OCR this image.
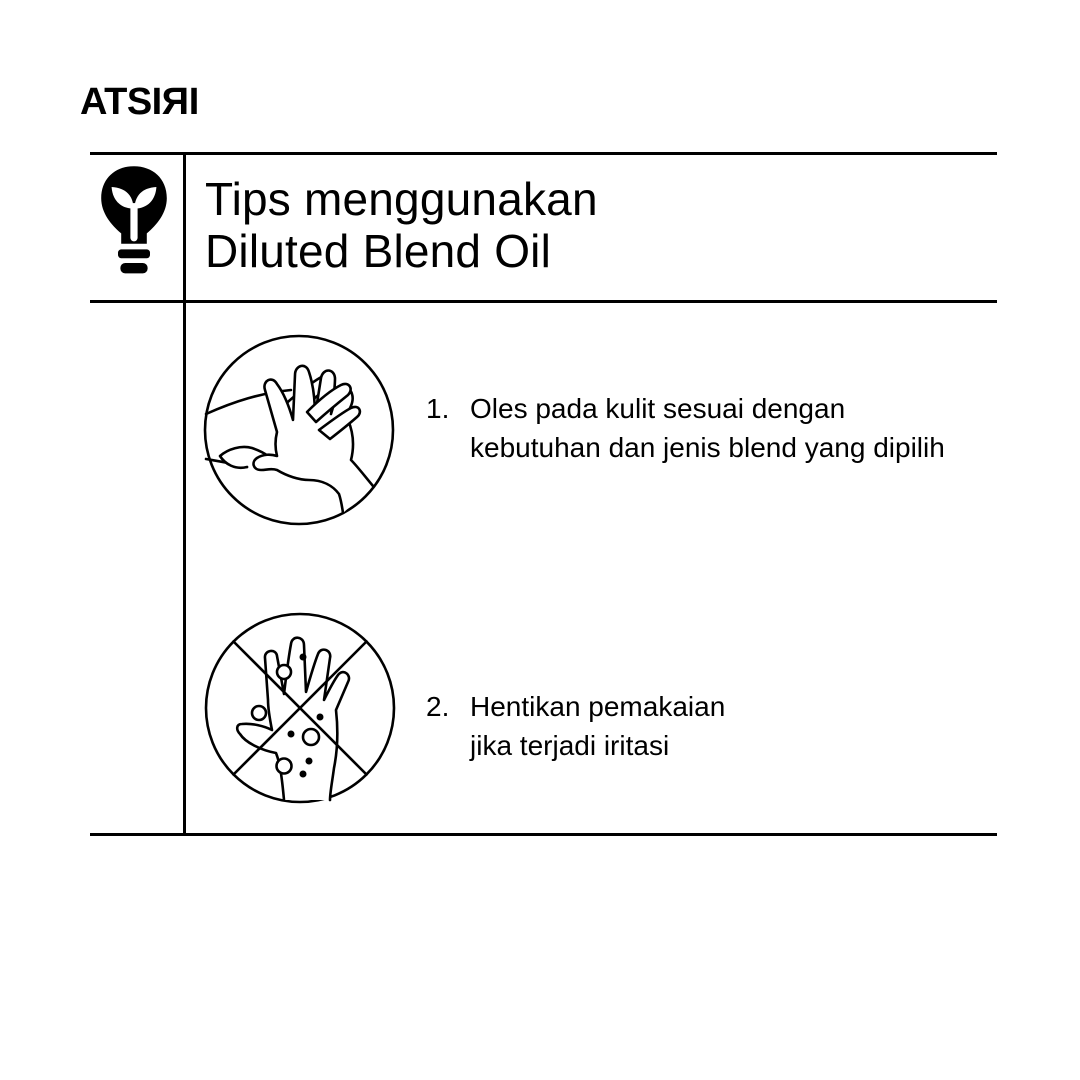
ATSIRI
Tips menggunakan
Diluted Blend Oil
1. Oles pada kulit sesuai dengan
kebutuhan dan jenis blend yang dipilih
2. Hentikan pemakaian
jika terjadi iritasi
